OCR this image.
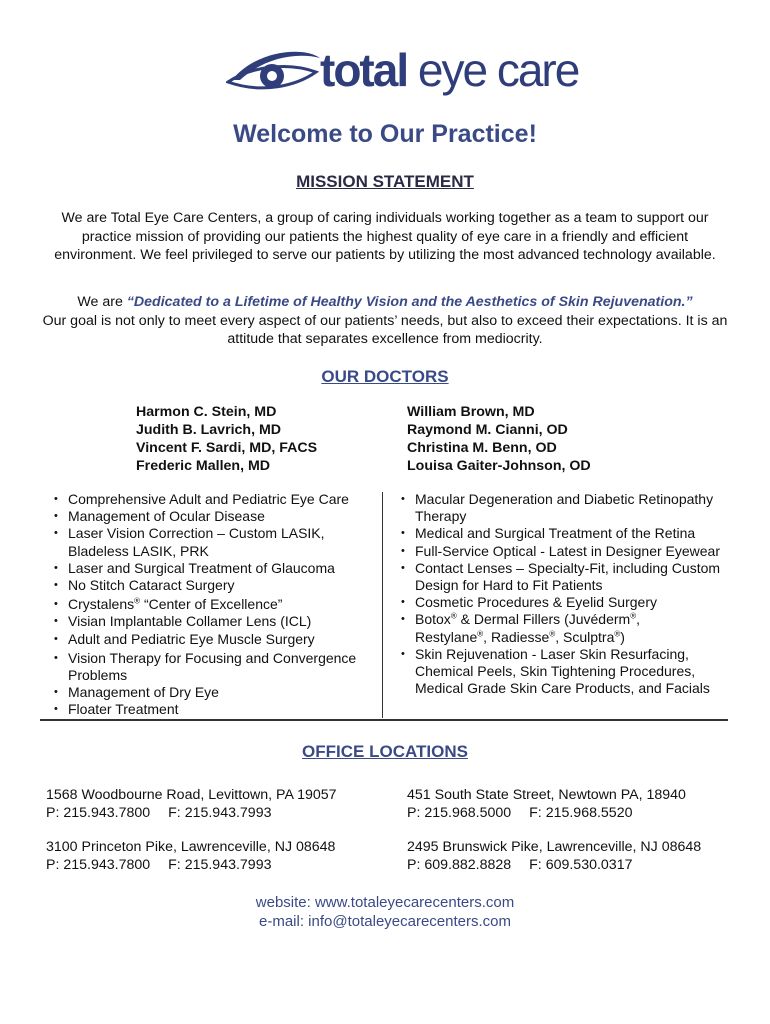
total eye care
Welcome to Our Practice!
MISSION STATEMENT
We are Total Eye Care Centers, a group of caring individuals working together as a team to support our practice mission of providing our patients the highest quality of eye care in a friendly and efficient environment. We feel privileged to serve our patients by utilizing the most advanced technology available.
We are “Dedicated to a Lifetime of Healthy Vision and the Aesthetics of Skin Rejuvenation.”
Our goal is not only to meet every aspect of our patients’ needs, but also to exceed their expectations. It is an attitude that separates excellence from mediocrity.
OUR DOCTORS
Harmon C. Stein, MD
Judith B. Lavrich, MD
Vincent F. Sardi, MD, FACS
Frederic Mallen, MD
William Brown, MD
Raymond M. Cianni, OD
Christina M. Benn, OD
Louisa Gaiter-Johnson, OD
• Comprehensive Adult and Pediatric Eye Care
• Management of Ocular Disease
• Laser Vision Correction – Custom LASIK, Bladeless LASIK, PRK
• Laser and Surgical Treatment of Glaucoma
• No Stitch Cataract Surgery
• Crystalens® “Center of Excellence”
• Visian Implantable Collamer Lens (ICL)
• Adult and Pediatric Eye Muscle Surgery
• Vision Therapy for Focusing and Convergence Problems
• Management of Dry Eye
• Floater Treatment
• Macular Degeneration and Diabetic Retinopathy Therapy
• Medical and Surgical Treatment of the Retina
• Full-Service Optical - Latest in Designer Eyewear
• Contact Lenses – Specialty-Fit, including Custom Design for Hard to Fit Patients
• Cosmetic Procedures & Eyelid Surgery
• Botox® & Dermal Fillers (Juvéderm®,
Restylane®, Radiesse®, Sculptra®)
• Skin Rejuvenation - Laser Skin Resurfacing, Chemical Peels, Skin Tightening Procedures, Medical Grade Skin Care Products, and Facials
OFFICE LOCATIONS
1568 Woodbourne Road, Levittown, PA 19057
P: 215.943.7800 F: 215.943.7993
451 South State Street, Newtown PA, 18940
P: 215.968.5000 F: 215.968.5520
3100 Princeton Pike, Lawrenceville, NJ 08648
P: 215.943.7800 F: 215.943.7993
2495 Brunswick Pike, Lawrenceville, NJ 08648
P: 609.882.8828 F: 609.530.0317
website: www.totaleyecarecenters.com
e-mail: info@totaleyecarecenters.com
